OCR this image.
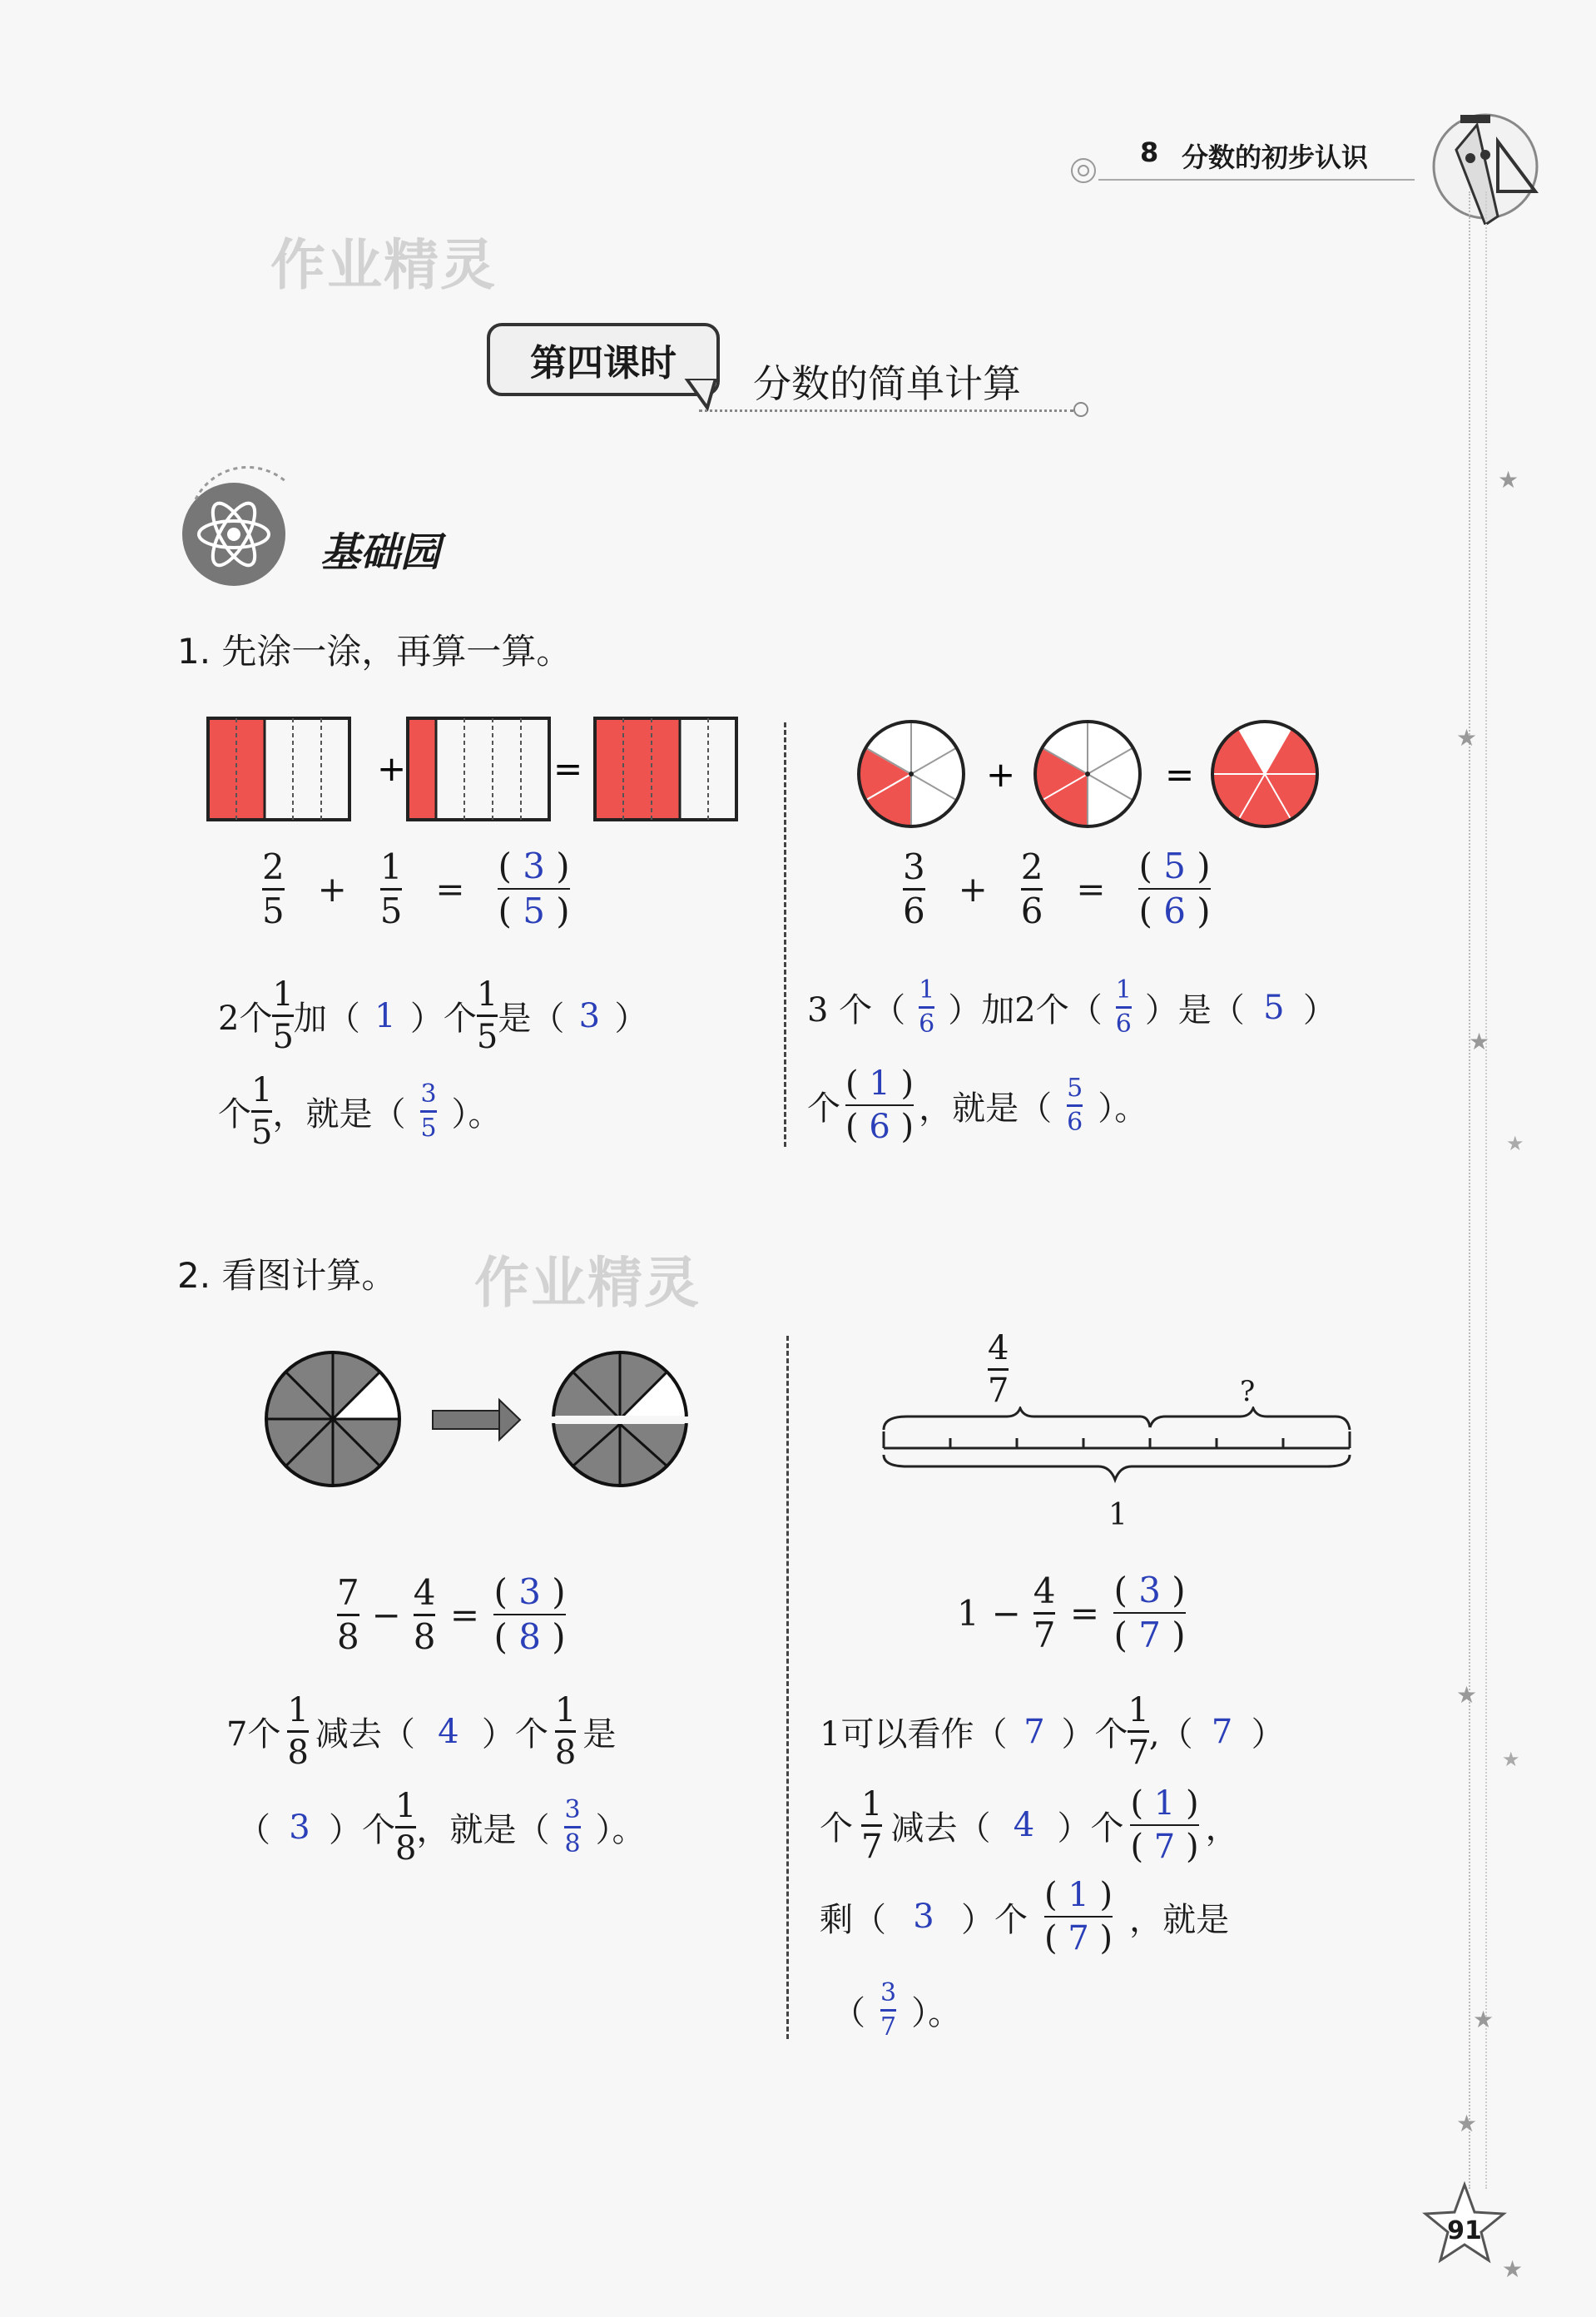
8 分数的初步认识
★
★
★
★
★
★
★
★
★
作业精灵
第四课时 分数的简单计算
基础园
1. 先涂一涂，再算一算。
+	=	+	=
$\frac{2}{5} + \frac{1}{5}$ =
( 3 )
( 5 )	$\frac{3}{6} + \frac{2}{6}$ =
( 5 )
( 6 )
2个 $\frac{1}{5}$ 加（ 1 ）个 $\frac{1}{5}$ 是（ 3 ）
个 $\frac{1}{5}$ ，就是（ $\frac{3}{5}$ ）。
3 个（ $\frac{1}{6}$ ）加2个（ $\frac{1}{6}$ ）是（ 5 ）
个
( 1 )
( 6 ) ，就是（ $\frac{5}{6}$ ）。
2. 看图计算。 作业精灵
$\frac{4}{7}$	?
1
$\frac{7}{8} - \frac{4}{8}$ =
( 3 )
( 8 )
$1 - \frac{4}{7}$ =
( 3 )
( 7 )
7个 $\frac{1}{8}$ 减去（ 4 ）个 $\frac{1}{8}$ 是
（ 3 ）个 $\frac{1}{8}$ ，就是（ $\frac{3}{8}$ ）。
1可以看作（ 7 ）个 $\frac{1}{7}$ ,（ 7 ）
个 $\frac{1}{7}$ 减去（ 4 ）个
( 1 )
( 7 ) ，
剩（ 3 ）个
( 1 )
( 7 ) ，就是
（ $\frac{3}{7}$ ）。
91
